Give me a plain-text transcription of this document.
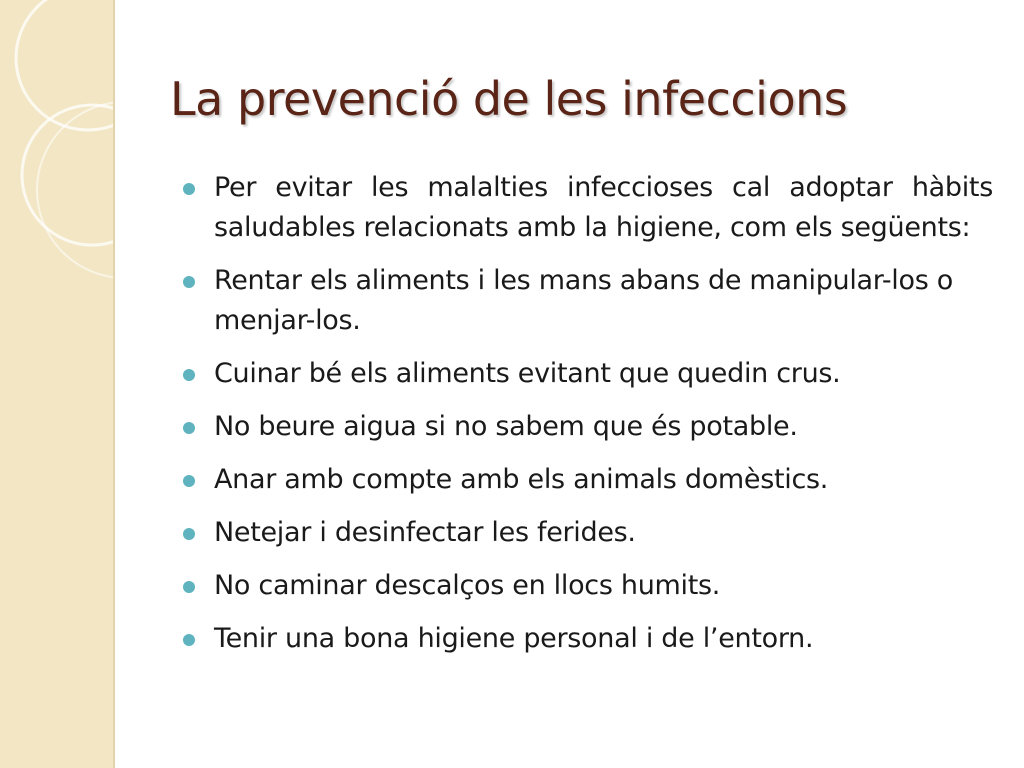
La prevenció de les infeccions
Per evitar les malalties infeccioses cal adoptar hàbits saludables relacionats amb la higiene, com els següents:
Rentar els aliments i les mans abans de manipular-los o menjar-los.
Cuinar bé els aliments evitant que quedin crus.
No beure aigua si no sabem que és potable.
Anar amb compte amb els animals domèstics.
Netejar i desinfectar les ferides.
No caminar descalços en llocs humits.
Tenir una bona higiene personal i de l’entorn.
